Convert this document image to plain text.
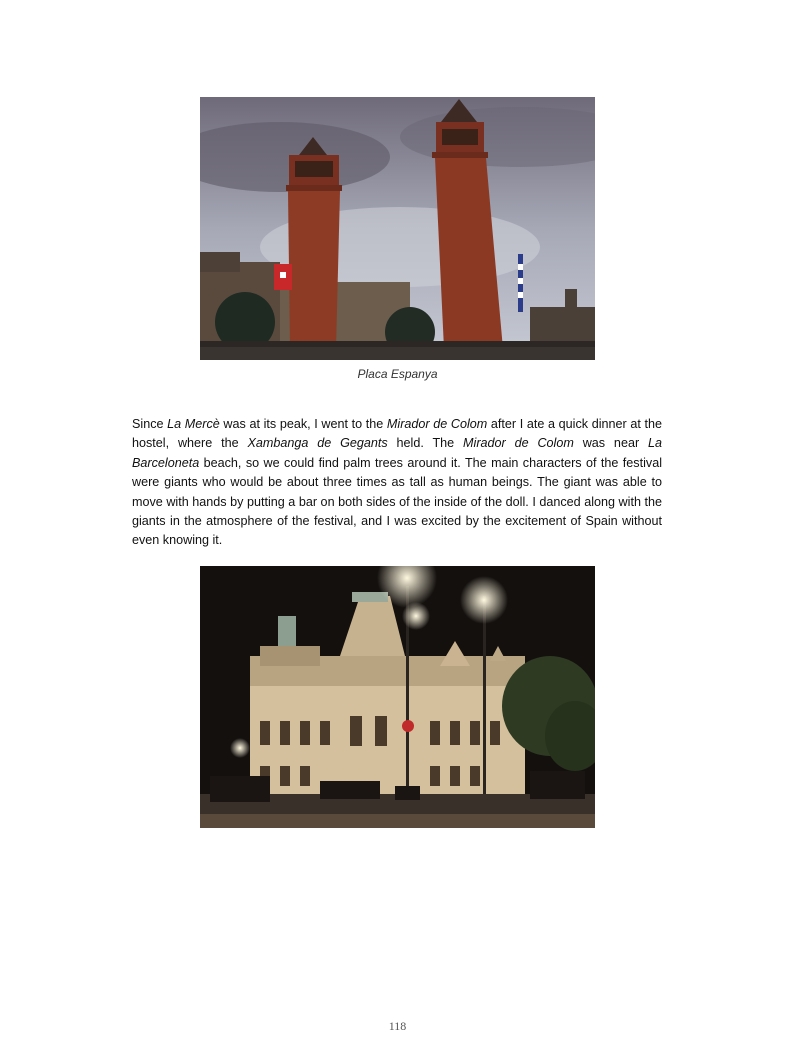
Placa Espanya
Since La Mercè was at its peak, I went to the Mirador de Colom after I ate a quick dinner at the hostel, where the Xambanga de Gegants held. The Mirador de Colom was near La Barceloneta beach, so we could find palm trees around it. The main characters of the festival were giants who would be about three times as tall as human beings. The giant was able to move with hands by putting a bar on both sides of the inside of the doll. I danced along with the giants in the atmosphere of the festival, and I was excited by the excitement of Spain without even knowing it.
118
